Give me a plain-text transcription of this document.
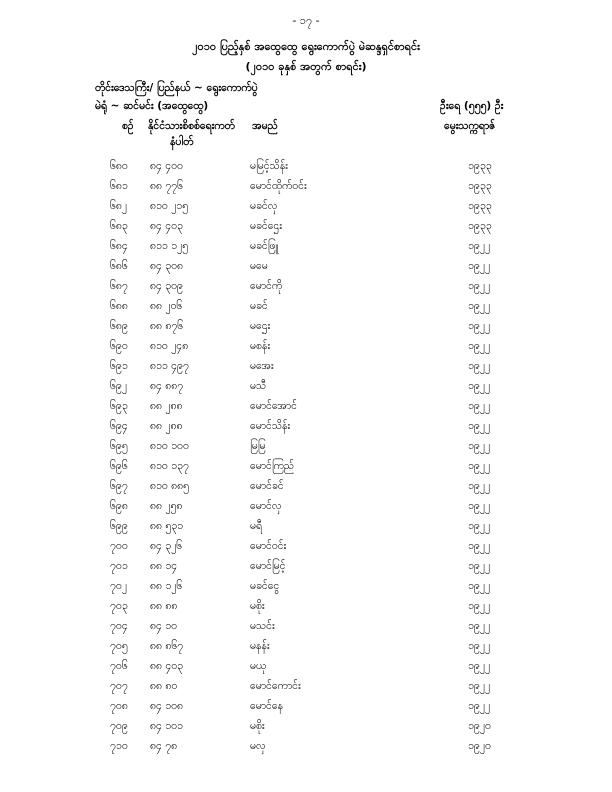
- ၁၇ -
၂၀၁၀ ပြည့်နှစ် အထွေထွေ ရွေးကောက်ပွဲ မဲဆန္ဒရှင်စာရင်း
(၂၀၁၀ ခုနှစ် အတွက် စာရင်း)
တိုင်းဒေသကြီး/ ပြည်နယ် ~ ရွေးကောက်ပွဲ
မဲရုံ ~ ဆင်မင်း (အထွေထွေ)	ဦးရေ (၅၅၅) ဦး
စဉ် နိုင်ငံသားစိစစ်ရေးကတ်
နံပါတ်
အမည်	မွေးသက္ကရာဇ်
၆၈၀	၈၄ ၄၀၀	မမြင့်သိန်း	၁၉၃၃
၆၈၁	၈၈ ၇၇၆	မောင်ထိုက်ဝင်း	၁၉၃၃
၆၈၂	၈၁၀ ၂၁၅	မခင်လှ	၁၉၃၃
၆၈၃	၈၄ ၄၀၃	မခင်ဌေး	၁၉၃၃
၆၈၄	၈၁၁ ၁၂၅	မခင်ဖြူ	၁၉၂၂
၆၈၆	၈၄ ၃၀၈	မမေ	၁၉၂၂
၆၈၇	၈၄ ၃၀၉	မောင်ကို	၁၉၂၂
၆၈၈	၈၈ ၂၀၆	မခင်	၁၉၂၂
၆၈၉	၈၈ ၈၇၆	မဌေး	၁၉၂၂
၆၉၀	၈၁၀ ၂၄၈	မစန်း	၁၉၂၂
၆၉၁	၈၁၁ ၄၉၇	မအေး	၁၉၂၂
၆၉၂	၈၄ ၈၈၇	မသီ	၁၉၂၂
၆၉၃	၈၈ ၂၈၈	မောင်အောင်	၁၉၂၂
၆၉၄	၈၈ ၂၈၈	မောင်သိန်း	၁၉၂၂
၆၉၅	၈၁၀ ၁၀၀	မြမြ	၁၉၂၂
၆၉၆	၈၁၀ ၁၃၇	မောင်ကြည်	၁၉၂၂
၆၉၇	၈၁၀ ၈၈၅	မောင်ခင်	၁၉၂၂
၆၉၈	၈၈ ၂၅၈	မောင်လှ	၁၉၂၂
၆၉၉	၈၈ ၅၃၁	မရီ	၁၉၂၂
၇၀၀	၈၄ ၃၂၆	မောင်ဝင်း	၁၉၂၂
၇၀၁	၈၈ ၁၄	မောင်မြင့်	၁၉၂၂
၇၀၂	၈၈ ၁၂၆	မခင်ငွေ	၁၉၂၂
၇၀၃	၈၈ ၈၈	မစိုး	၁၉၂၂
၇၀၄	၈၄ ၁၀	မသင်း	၁၉၂၂
၇၀၅	၈၈ ၈၆၇	မနန်း	၁၉၂၂
၇၀၆	၈၈ ၄၀၃	မယု	၁၉၂၂
၇၀၇	၈၈ ၈၀	မောင်ကောင်း	၁၉၂၂
၇၀၈	၈၄ ၁၀၈	မောင်နေ	၁၉၂၂
၇၀၉	၈၄ ၁၀၁	မစိုး	၁၉၂၀
၇၁၀	၈၄ ၇၈	မလှ	၁၉၂၀
